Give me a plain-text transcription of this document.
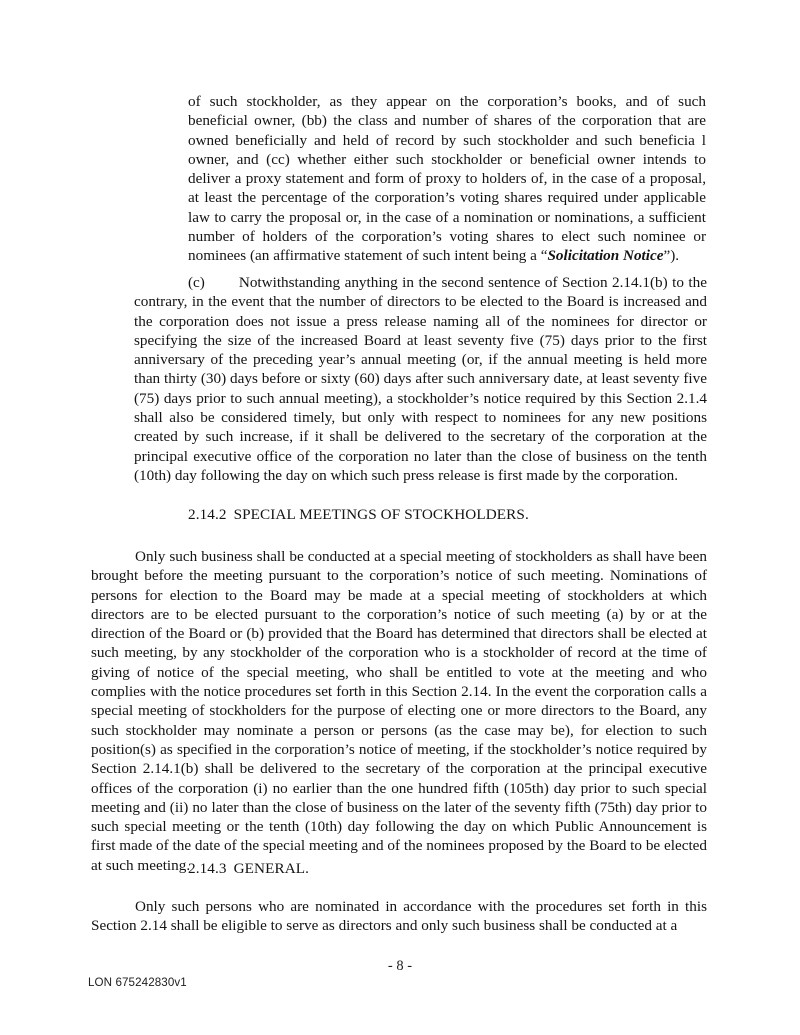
of such stockholder, as they appear on the corporation’s books, and of such beneficial owner, (bb) the class and number of shares of the corporation that are owned beneficially and held of record by such stockholder and such beneficia l owner, and (cc) whether either such stockholder or beneficial owner intends to deliver a proxy statement and form of proxy to holders of, in the case of a proposal, at least the percentage of the corporation’s voting shares required under applicable law to carry the proposal or, in the case of a nomination or nominations, a sufficient number of holders of the corporation’s voting shares to elect such nominee or nominees (an affirmative statement of such intent being a “Solicitation Notice”).
(c) Notwithstanding anything in the second sentence of Section 2.14.1(b) to the contrary, in the event that the number of directors to be elected to the Board is increased and the corporation does not issue a press release naming all of the nominees for director or specifying the size of the increased Board at least seventy five (75) days prior to the first anniversary of the preceding year’s annual meeting (or, if the annual meeting is held more than thirty (30) days before or sixty (60) days after such anniversary date, at least seventy five (75) days prior to such annual meeting), a stockholder’s notice required by this Section 2.1.4 shall also be considered timely, but only with respect to nominees for any new positions created by such increase, if it shall be delivered to the secretary of the corporation at the principal executive office of the corporation no later than the close of business on the tenth (10th) day following the day on which such press release is first made by the corporation.
2.14.2 SPECIAL MEETINGS OF STOCKHOLDERS.
Only such business shall be conducted at a special meeting of stockholders as shall have been brought before the meeting pursuant to the corporation’s notice of such meeting. Nominations of persons for election to the Board may be made at a special meeting of stockholders at which directors are to be elected pursuant to the corporation’s notice of such meeting (a) by or at the direction of the Board or (b) provided that the Board has determined that directors shall be elected at such meeting, by any stockholder of the corporation who is a stockholder of record at the time of giving of notice of the special meeting, who shall be entitled to vote at the meeting and who complies with the notice procedures set forth in this Section 2.14. In the event the corporation calls a special meeting of stockholders for the purpose of electing one or more directors to the Board, any such stockholder may nominate a person or persons (as the case may be), for election to such position(s) as specified in the corporation’s notice of meeting, if the stockholder’s notice required by Section 2.14.1(b) shall be delivered to the secretary of the corporation at the principal executive offices of the corporation (i) no earlier than the one hundred fifth (105th) day prior to such special meeting and (ii) no later than the close of business on the later of the seventy fifth (75th) day prior to such special meeting or the tenth (10th) day following the day on which Public Announcement is first made of the date of the special meeting and of the nominees proposed by the Board to be elected at such meeting.
2.14.3 GENERAL.
Only such persons who are nominated in accordance with the procedures set forth in this Section 2.14 shall be eligible to serve as directors and only such business shall be conducted at a
- 8 -
LON 675242830v1
